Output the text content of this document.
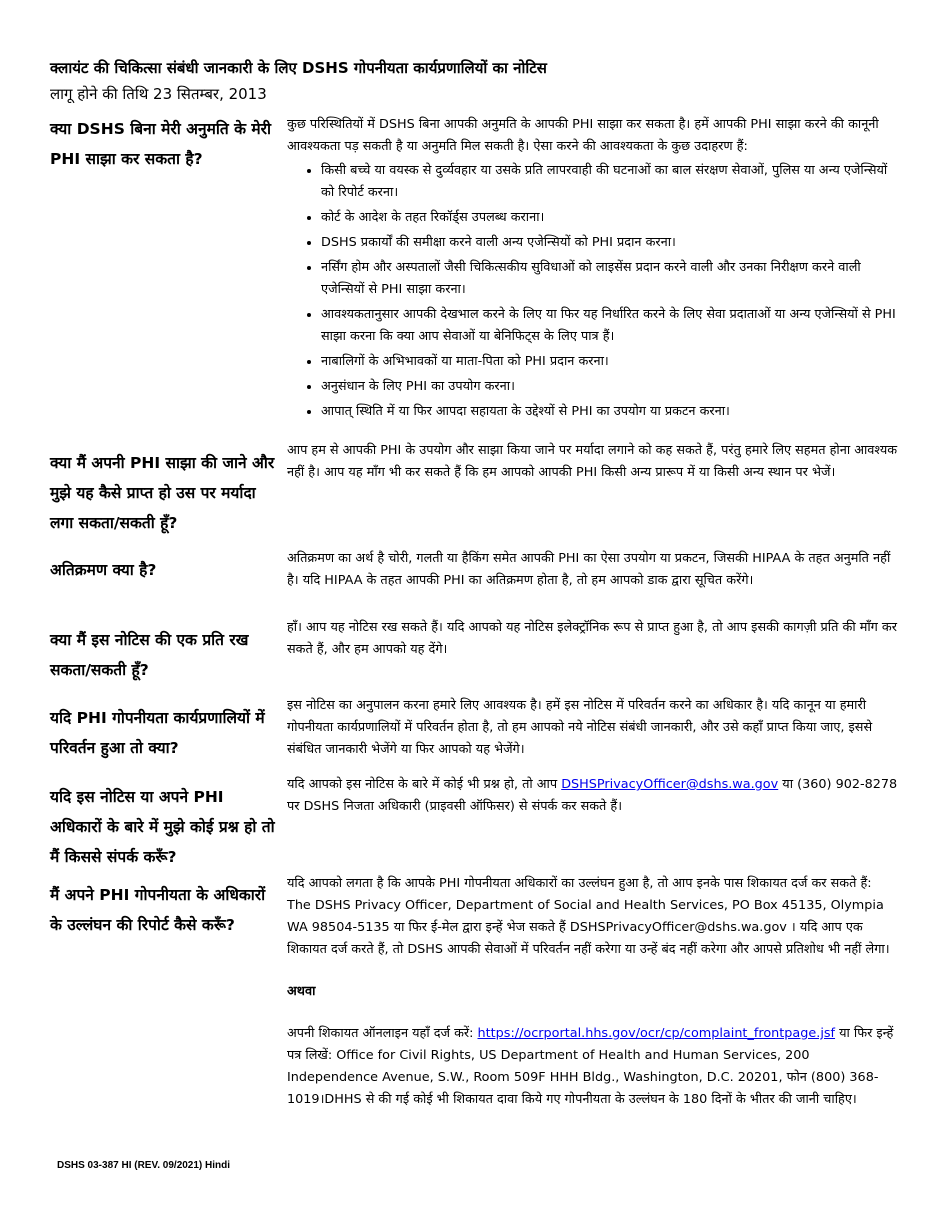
क्लायंट की चिकित्सा संबंधी जानकारी के लिए DSHS गोपनीयता कार्यप्रणालियों का नोटिस
लागू होने की तिथि 23 सितम्बर, 2013
क्या DSHS बिना मेरी अनुमति के मेरी PHI साझा कर सकता है?

कुछ परिस्थितियों में DSHS बिना आपकी अनुमति के आपकी PHI साझा कर सकता है। हमें आपकी PHI साझा करने की कानूनी आवश्यकता पड़ सकती है या अनुमति मिल सकती है। ऐसा करने की आवश्यकता के कुछ उदाहरण हैं:

• किसी बच्चे या वयस्क से दुर्व्यवहार या उसके प्रति लापरवाही की घटनाओं का बाल संरक्षण सेवाओं, पुलिस या अन्य एजेन्सियों को रिपोर्ट करना।
• कोर्ट के आदेश के तहत रिकॉर्ड्स उपलब्ध कराना।
• DSHS प्रकार्यों की समीक्षा करने वाली अन्य एजेन्सियों को PHI प्रदान करना।
• नर्सिंग होम और अस्पतालों जैसी चिकित्सकीय सुविधाओं को लाइसेंस प्रदान करने वाली और उनका निरीक्षण करने वाली एजेन्सियों से PHI साझा करना।
• आवश्यकतानुसार आपकी देखभाल करने के लिए या फिर यह निर्धारित करने के लिए सेवा प्रदाताओं या अन्य एजेन्सियों से PHI साझा करना कि क्या आप सेवाओं या बेनिफिट्स के लिए पात्र हैं।
• नाबालिगों के अभिभावकों या माता-पिता को PHI प्रदान करना।
• अनुसंधान के लिए PHI का उपयोग करना।
• आपात् स्थिति में या फिर आपदा सहायता के उद्देश्यों से PHI का उपयोग या प्रकटन करना।
क्या मैं अपनी PHI साझा की जाने और मुझे यह कैसे प्राप्त हो उस पर मर्यादा लगा सकता/सकती हूँ?
आप हम से आपकी PHI के उपयोग और साझा किया जाने पर मर्यादा लगाने को कह सकते हैं, परंतु हमारे लिए सहमत होना आवश्यक नहीं है। आप यह माँग भी कर सकते हैं कि हम आपको आपकी PHI किसी अन्य प्रारूप में या किसी अन्य स्थान पर भेजें।
अतिक्रमण क्या है?
अतिक्रमण का अर्थ है चोरी, गलती या हैकिंग समेत आपकी PHI का ऐसा उपयोग या प्रकटन, जिसकी HIPAA के तहत अनुमति नहीं है। यदि HIPAA के तहत आपकी PHI का अतिक्रमण होता है, तो हम आपको डाक द्वारा सूचित करेंगे।
क्या मैं इस नोटिस की एक प्रति रख सकता/सकती हूँ?
हाँ। आप यह नोटिस रख सकते हैं। यदि आपको यह नोटिस इलेक्ट्रॉनिक रूप से प्राप्त हुआ है, तो आप इसकी कागज़ी प्रति की माँग कर सकते हैं, और हम आपको यह देंगे।
यदि PHI गोपनीयता कार्यप्रणालियों में परिवर्तन हुआ तो क्या?
इस नोटिस का अनुपालन करना हमारे लिए आवश्यक है। हमें इस नोटिस में परिवर्तन करने का अधिकार है। यदि कानून या हमारी गोपनीयता कार्यप्रणालियों में परिवर्तन होता है, तो हम आपको नये नोटिस संबंधी जानकारी, और उसे कहाँ प्राप्त किया जाए, इससे संबंधित जानकारी भेजेंगे या फिर आपको यह भेजेंगे।
यदि इस नोटिस या अपने PHI अधिकारों के बारे में मुझे कोई प्रश्न हो तो मैं किससे संपर्क करूँ?
यदि आपको इस नोटिस के बारे में कोई भी प्रश्न हो, तो आप DSHSPrivacyOfficer@dshs.wa.gov या (360) 902-8278 पर DSHS निजता अधिकारी (प्राइवसी ऑफिसर) से संपर्क कर सकते हैं।
मैं अपने PHI गोपनीयता के अधिकारों के उल्लंघन की रिपोर्ट कैसे करूँ?

यदि आपको लगता है कि आपके PHI गोपनीयता अधिकारों का उल्लंघन हुआ है, तो आप इनके पास शिकायत दर्ज कर सकते हैं:

The DSHS Privacy Officer, Department of Social and Health Services, PO Box 45135, Olympia WA 98504-5135 या फिर ई-मेल द्वारा इन्हें भेज सकते हैं DSHSPrivacyOfficer@dshs.wa.gov । यदि आप एक शिकायत दर्ज करते हैं, तो DSHS आपकी सेवाओं में परिवर्तन नहीं करेगा या उन्हें बंद नहीं करेगा और आपसे प्रतिशोध भी नहीं लेगा।

अथवा

अपनी शिकायत ऑनलाइन यहाँ दर्ज करें: https://ocrportal.hhs.gov/ocr/cp/complaint_frontpage.jsf या फिर इन्हें पत्र लिखें: Office for Civil Rights, US Department of Health and Human Services, 200 Independence Avenue, S.W., Room 509F HHH Bldg., Washington, D.C. 20201, फोन (800) 368-1019।DHHS से की गई कोई भी शिकायत दावा किये गए गोपनीयता के उल्लंघन के 180 दिनों के भीतर की जानी चाहिए।

DSHS 03-387 HI (REV. 09/2021) Hindi
